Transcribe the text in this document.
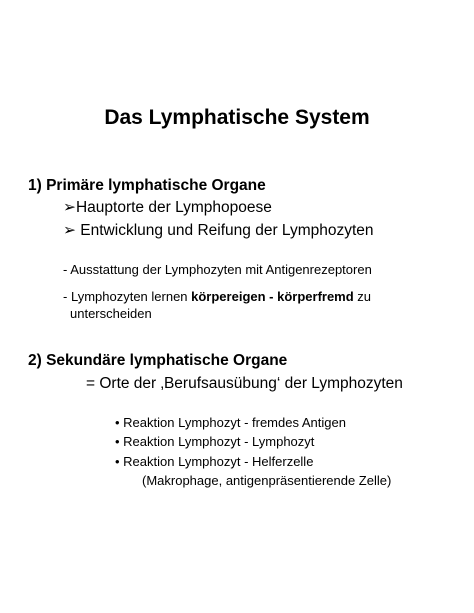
Das Lymphatische System
1) Primäre lymphatische Organe
➢Hauptorte der Lymphopoese
➢ Entwicklung und Reifung der Lymphozyten
- Ausstattung der Lymphozyten mit Antigenrezeptoren
- Lymphozyten lernen körpereigen - körperfremd zu
unterscheiden
2) Sekundäre lymphatische Organe
= Orte der ‚Berufsausübung‘ der Lymphozyten
• Reaktion Lymphozyt - fremdes Antigen
• Reaktion Lymphozyt - Lymphozyt
• Reaktion Lymphozyt - Helferzelle
(Makrophage, antigenpräsentierende Zelle)
